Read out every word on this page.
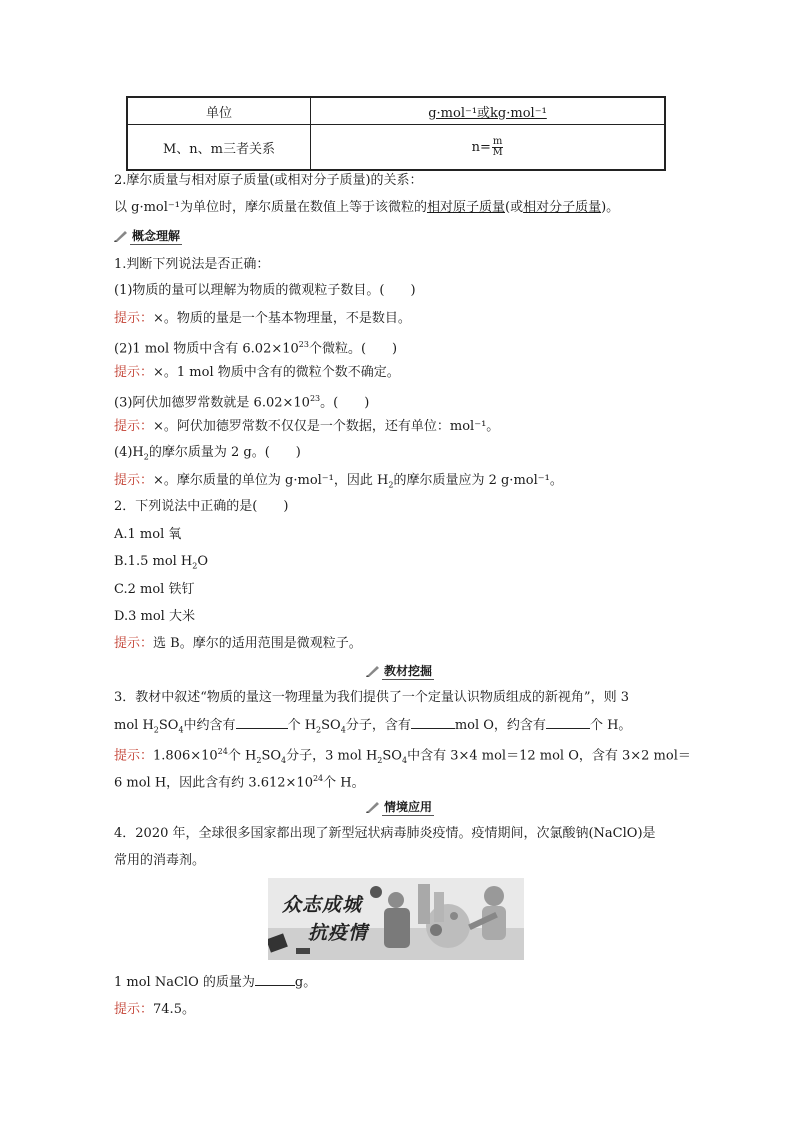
单位	g·mol⁻¹或kg·mol⁻¹
M、n、m三者关系	$n= \frac{m}{M}$
2.摩尔质量与相对原子质量(或相对分子质量)的关系：
以 g·mol⁻¹为单位时，摩尔质量在数值上等于该微粒的相对原子质量(或相对分子质量)。
概念理解
1.判断下列说法是否正确：
(1)物质的量可以理解为物质的微观粒子数目。(　　)
提示：×。物质的量是一个基本物理量，不是数目。
(2)1 mol 物质中含有 $6.02\times 10^{23}$个微粒。(　　)
提示：×。1 mol 物质中含有的微粒个数不确定。
(3)阿伏加德罗常数就是 $6.02\times 10^{23}$。(　　)
提示：×。阿伏加德罗常数不仅仅是一个数据，还有单位：mol⁻¹。
$(4)H_2$的摩尔质量为 2 g。(　　)
提示：×。摩尔质量的单位为 g·mol⁻¹，因此 $H_2$的摩尔质量应为 2 g·mol⁻¹。
2．下列说法中正确的是(　　)
A.1 mol 氧
B.1.5 mol $H_2O$
C.2 mol 铁钉
D.3 mol 大米
提示：选 B。摩尔的适用范围是微观粒子。
教材挖掘
3．教材中叙述“物质的量这一物理量为我们提供了一个定量认识物质组成的新视角”，则 3
mol $H_2SO_4$中约含有	个 $H_2SO_4$分子，含有	mol O，约含有	个 H。
提示：$1.806\times 10^{24}$个 $H_2SO_4$分子，3 mol $H_2SO_4$中含有 3×4 mol＝12 mol O，含有 3×2 mol＝
6 mol H，因此含有约 $3.612\times 10^{24}$个 H。
情境应用
4．2020 年，全球很多国家都出现了新型冠状病毒肺炎疫情。疫情期间，次氯酸钠(NaClO)是
常用的消毒剂。
众志成城
抗疫情
1 mol NaClO 的质量为	g。
提示：74.5。
